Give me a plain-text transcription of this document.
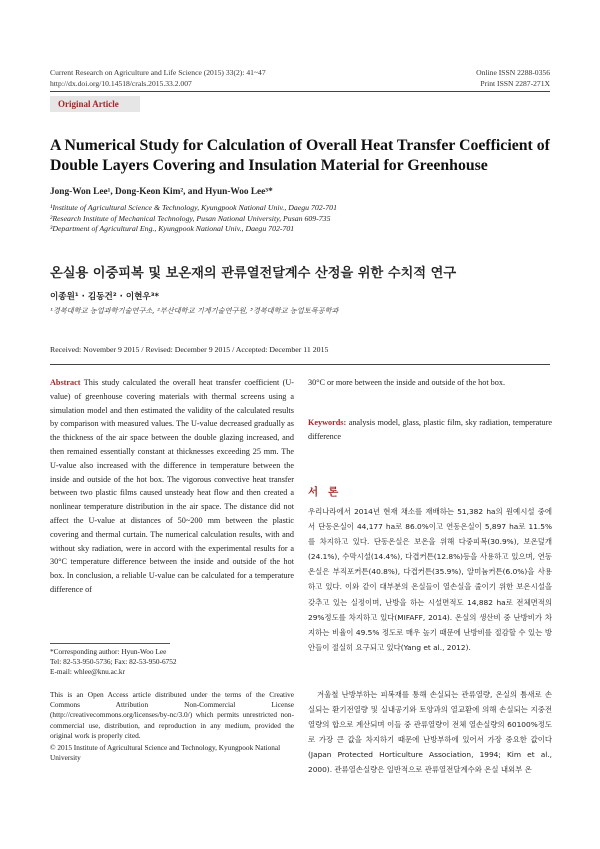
Current Research on Agriculture and Life Science (2015) 33(2): 41~47
http://dx.doi.org/10.14518/crals.2015.33.2.007
Online ISSN 2288-0356
Print ISSN 2287-271X
Original Article
A Numerical Study for Calculation of Overall Heat Transfer Coefficient of
Double Layers Covering and Insulation Material for Greenhouse
Jong-Won Lee¹, Dong-Keon Kim², and Hyun-Woo Lee³*
¹Institute of Agricultural Science & Technology, Kyungpook National Univ., Daegu 702-701
²Research Institute of Mechanical Technology, Pusan National University, Pusan 609-735
³Department of Agricultural Eng., Kyungpook National Univ., Daegu 702-701
온실용 이중피복 및 보온재의 관류열전달계수 산정을 위한 수치적 연구
이종원¹ · 김동건² · 이현우³*
¹경북대학교 농업과학기술연구소, ²부산대학교 기계기술연구원, ³경북대학교 농업토목공학과
Received: November 9 2015 / Revised: December 9 2015 / Accepted: December 11 2015
Abstract This study calculated the overall heat transfer coefficient (U-value) of greenhouse covering materials with thermal screens using a simulation model and then estimated the validity of the calculated results by comparison with measured values. The U-value decreased gradually as the thickness of the air space between the double glazing increased, and then remained essentially constant at thicknesses exceeding 25 mm. The U-value also increased with the difference in temperature between the inside and outside of the hot box. The vigorous convective heat transfer between two plastic films caused unsteady heat flow and then created a nonlinear temperature distribution in the air space. The distance did not affect the U-value at distances of 50~200 mm between the plastic covering and thermal curtain. The numerical calculation results, with and without sky radiation, were in accord with the experimental results for a 30°C temperature difference between the inside and outside of the hot box. In conclusion, a reliable U-value can be calculated for a temperature difference of
*Corresponding author: Hyun-Woo Lee
Tel: 82-53-950-5736; Fax: 82-53-950-6752
E-mail: whlee@knu.ac.kr
This is an Open Access article distributed under the terms of the Creative Commons Attribution Non-Commercial License (http://creativecommons.org/licenses/by-nc/3.0/) which permits unrestricted non-commercial use, distribution, and reproduction in any medium, provided the original work is properly cited.
© 2015 Institute of Agricultural Science and Technology, Kyungpook National University
30°C or more between the inside and outside of the hot box.
Keywords: analysis model, glass, plastic film, sky radiation, temperature difference
서론
우리나라에서 2014년 현재 채소를 재배하는 51,382 ha의 원예시설 중에서 단동온실이 44,177 ha로 86.0%이고 연동온실이 5,897 ha로 11.5%를 차지하고 있다. 단동온실은 보온을 위해 다중피복(30.9%), 보온덮개(24.1%), 수막시설(14.4%), 다겹커튼(12.8%)등을 사용하고 있으며, 연동온실은 부직포커튼(40.8%), 다겹커튼(35.9%), 알미늄커튼(6.0%)을 사용하고 있다. 이와 같이 대부분의 온실들이 열손실을 줄이기 위한 보온시설을 갖추고 있는 실정이며, 난방을 하는 시설면적도 14,882 ha로 전체면적의 29%정도를 차지하고 있다(MIFAFF, 2014). 온실의 생산비 중 난방비가 차지하는 비율이 49.5% 정도로 매우 높기 때문에 난방비를 절감할 수 있는 방안들이 절실히 요구되고 있다(Yang et al., 2012).
겨울철 난방부하는 피복재를 통해 손실되는 관류열량, 온실의 틈새로 손실되는 환기전열량 및 실내공기와 토양과의 열교환에 의해 손실되는 지중전열량의 합으로 계산되며 이들 중 관류열량이 전체 열손실량의 60100%정도로 가장 큰 값을 차지하기 때문에 난방부하에 있어서 가장 중요한 값이다(Japan Protected Horticulture Association, 1994; Kim et al., 2000). 관류열손실량은 일반적으로 관류열전달계수와 온실 내외부 온
